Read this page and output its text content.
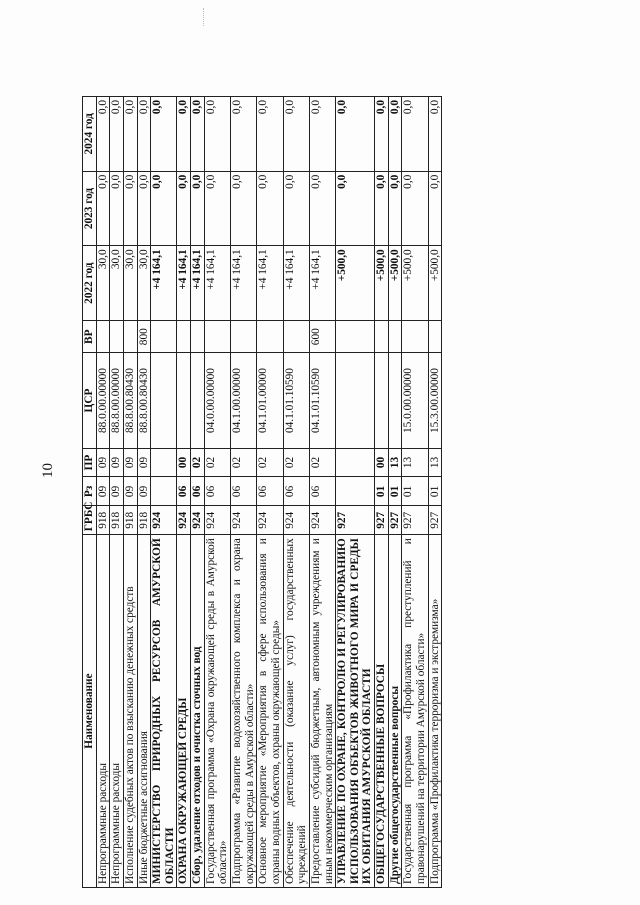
10
Наименование	ГРБС	Рз	ПР	ЦСР	ВР	2022 год	2023 год	2024 год
Непрограммные расходы	918	09	09	88.0.00.00000		30,0	0,0	0,0
Непрограммные расходы	918	09	09	88.8.00.00000		30,0	0,0	0,0
Исполнение судебных актов по взысканию денежных средств	918	09	09	88.8.00.80430		30,0	0,0	0,0
Иные бюджетные ассигнования	918	09	09	88.8.00.80430	800	30,0	0,0	0,0
МИНИСТЕРСТВО ПРИРОДНЫХ РЕСУРСОВ АМУРСКОЙ ОБЛАСТИ	924					+4 164,1	0,0	0,0
ОХРАНА ОКРУЖАЮЩЕЙ СРЕДЫ	924	06	00			+4 164,1	0,0	0,0
Сбор, удаление отходов и очистка сточных вод	924	06	02			+4 164,1	0,0	0,0
Государственная программа «Охрана окружающей среды в Амурской области»	924	06	02	04.0.00.00000		+4 164,1	0,0	0,0
Подпрограмма «Развитие водохозяйственного комплекса и охрана окружающей среды в Амурской области»	924	06	02	04.1.00.00000		+4 164,1	0,0	0,0
Основное мероприятие «Мероприятия в сфере использования и охраны водных объектов, охраны окружающей среды»	924	06	02	04.1.01.00000		+4 164,1	0,0	0,0
Обеспечение деятельности (оказание услуг) государственных учреждений	924	06	02	04.1.01.10590		+4 164,1	0,0	0,0
Предоставление субсидий бюджетным, автономным учреждениям и иным некоммерческим организациям	924	06	02	04.1.01.10590	600	+4 164,1	0,0	0,0
УПРАВЛЕНИЕ ПО ОХРАНЕ, КОНТРОЛЮ И РЕГУЛИРОВАНИЮ ИСПОЛЬЗОВАНИЯ ОБЪЕКТОВ ЖИВОТНОГО МИРА И СРЕДЫ ИХ ОБИТАНИЯ АМУРСКОЙ ОБЛАСТИ	927					+500,0	0,0	0,0
ОБЩЕГОСУДАРСТВЕННЫЕ ВОПРОСЫ	927	01	00			+500,0	0,0	0,0
Другие общегосударственные вопросы	927	01	13			+500,0	0,0	0,0
Государственная программа «Профилактика преступлений и правонарушений на территории Амурской области»	927	01	13	15.0.00.00000		+500,0	0,0	0,0
Подпрограмма «Профилактика терроризма и экстремизма»	927	01	13	15.3.00.00000		+500,0	0,0	0,0
